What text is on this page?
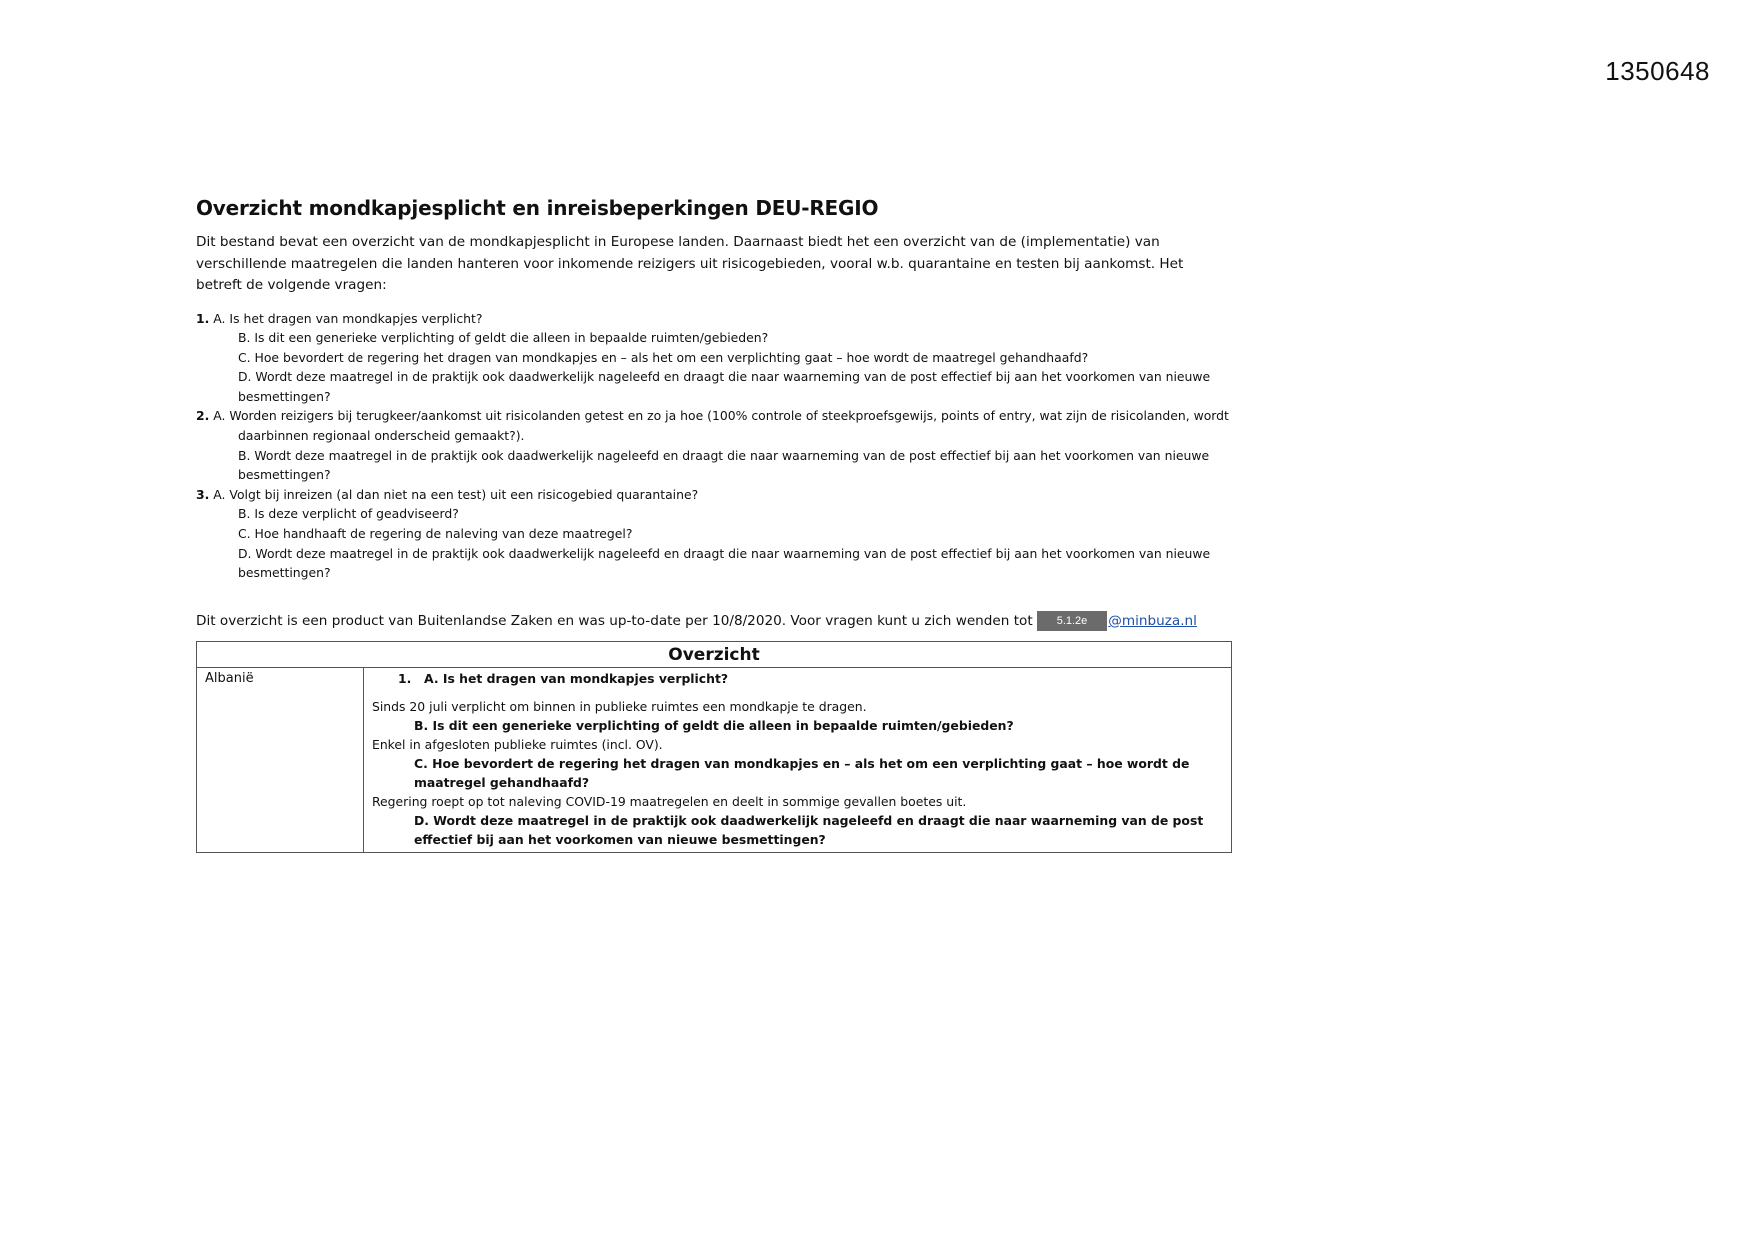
1350648
Overzicht mondkapjesplicht en inreisbeperkingen DEU-REGIO
Dit bestand bevat een overzicht van de mondkapjesplicht in Europese landen. Daarnaast biedt het een overzicht van de (implementatie) van verschillende maatregelen die landen hanteren voor inkomende reizigers uit risicogebieden, vooral w.b. quarantaine en testen bij aankomst. Het betreft de volgende vragen:
1. A. Is het dragen van mondkapjes verplicht?
B. Is dit een generieke verplichting of geldt die alleen in bepaalde ruimten/gebieden?
C. Hoe bevordert de regering het dragen van mondkapjes en – als het om een verplichting gaat – hoe wordt de maatregel gehandhaafd?
D. Wordt deze maatregel in de praktijk ook daadwerkelijk nageleefd en draagt die naar waarneming van de post effectief bij aan het voorkomen van nieuwe besmettingen?
2. A. Worden reizigers bij terugkeer/aankomst uit risicolanden getest en zo ja hoe (100% controle of steekproefsgewijs, points of entry, wat zijn de risicolanden, wordt daarbinnen regionaal onderscheid gemaakt?).
B. Wordt deze maatregel in de praktijk ook daadwerkelijk nageleefd en draagt die naar waarneming van de post effectief bij aan het voorkomen van nieuwe besmettingen?
3. A. Volgt bij inreizen (al dan niet na een test) uit een risicogebied quarantaine?
B. Is deze verplicht of geadviseerd?
C. Hoe handhaaft de regering de naleving van deze maatregel?
D. Wordt deze maatregel in de praktijk ook daadwerkelijk nageleefd en draagt die naar waarneming van de post effectief bij aan het voorkomen van nieuwe besmettingen?
Dit overzicht is een product van Buitenlandse Zaken en was up-to-date per 10/8/2020. Voor vragen kunt u zich wenden tot	5.1.2e	@minbuza.nl
Overzicht
Albanië	1. A. Is het dragen van mondkapjes verplicht?
Sinds 20 juli verplicht om binnen in publieke ruimtes een mondkapje te dragen.
B. Is dit een generieke verplichting of geldt die alleen in bepaalde ruimten/gebieden?
Enkel in afgesloten publieke ruimtes (incl. OV).
C. Hoe bevordert de regering het dragen van mondkapjes en – als het om een verplichting gaat – hoe wordt de maatregel gehandhaafd?
Regering roept op tot naleving COVID-19 maatregelen en deelt in sommige gevallen boetes uit.
D. Wordt deze maatregel in de praktijk ook daadwerkelijk nageleefd en draagt die naar waarneming van de post effectief bij aan het voorkomen van nieuwe besmettingen?
